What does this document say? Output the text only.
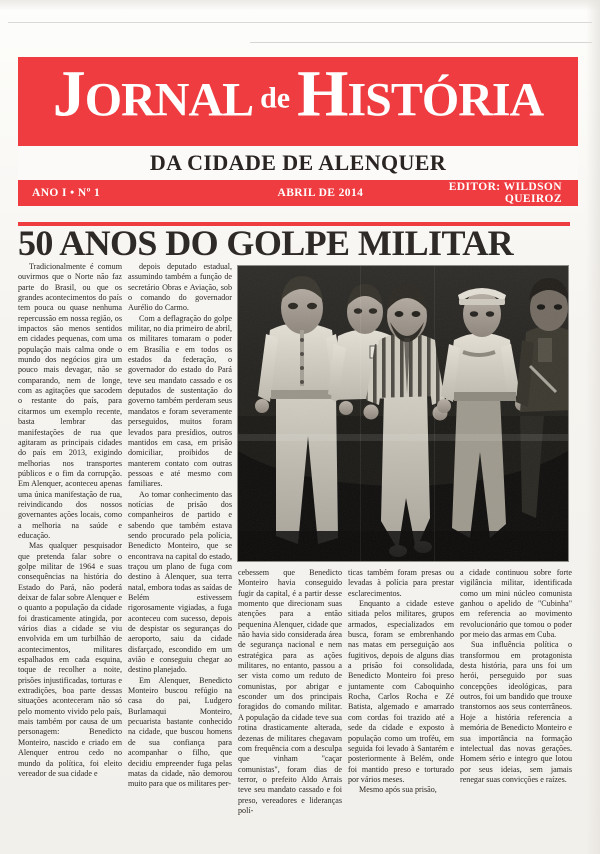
JORNAL de HISTÓRIA
DA CIDADE DE ALENQUER
ANO I • Nº 1	ABRIL DE 2014	EDITOR: WILDSON QUEIROZ
50 ANOS DO GOLPE MILITAR

Tradicionalmente é comum ouvirmos que o Norte não faz parte do Brasil, ou que os grandes acontecimentos do país tem pouca ou quase nenhuma repercussão em nossa região, os impactos são menos sentidos em cidades pequenas, com uma população mais calma onde o mundo dos negócios gira um pouco mais devagar, não se comparando, nem de longe, com as agitações que sacodem o restante do país, para citarmos um exemplo recente, basta lembrar das manifestações de rua que agitaram as principais cidades do país em 2013, exigindo melhorias nos transportes públicos e o fim da corrupção. Em Alenquer, aconteceu apenas uma única manifestação de rua, reivindicando dos nossos governantes ações locais, como a melhoria na saúde e educação.

Mas qualquer pesquisador que pretenda falar sobre o golpe militar de 1964 e suas consequências na história do Estado do Pará, não poderá deixar de falar sobre Alenquer e o quanto a população da cidade foi drasticamente atingida, por vários dias a cidade se viu envolvida em um turbilhão de acontecimentos, militares espalhados em cada esquina, toque de recolher a noite, prisões injustificadas, torturas e extradições, boa parte dessas situações aconteceram não só pelo momento vivido pelo país, mais também por causa de um personagem: Benedicto Monteiro, nascido e criado em Alenquer entrou cedo no mundo da política, foi eleito vereador de sua cidade e

depois deputado estadual, assumindo também a função de secretário Obras e Aviação, sob o comando do governador Aurélio do Carmo.

Com a deflagração do golpe militar, no dia primeiro de abril, os militares tomaram o poder em Brasília e em todos os estados da federação, o governador do estado do Pará teve seu mandato cassado e os deputados de sustentação do governo também perderam seus mandatos e foram severamente perseguidos, muitos foram levados para presídios, outros mantidos em casa, em prisão domiciliar, proibidos de manterem contato com outras pessoas e até mesmo com familiares.

Ao tomar conhecimento das notícias de prisão dos companheiros de partido e sabendo que também estava sendo procurado pela polícia, Benedicto Monteiro, que se encontrava na capital do estado, traçou um plano de fuga com destino à Alenquer, sua terra natal, embora todas as saídas de Belém estivessem rigorosamente vigiadas, a fuga aconteceu com sucesso, depois de despistar os seguranças do aeroporto, saiu da cidade disfarçado, escondido em um avião e conseguiu chegar ao destino planejado.

Em Alenquer, Benedicto Monteiro buscou refúgio na casa do pai, Ludgero Burlamaqui Monteiro, pecuarista bastante conhecido na cidade, que buscou homens de sua confiança para acompanhar o filho, que decidiu empreender fuga pelas matas da cidade, não demorou muito para que os militares per-

cebessem que Benedicto Monteiro havia conseguido fugir da capital, é a partir desse momento que direcionam suas atenções para a então pequenina Alenquer, cidade que não havia sido considerada área de segurança nacional e nem estratégica para as ações militares, no entanto, passou a ser vista como um reduto de comunistas, por abrigar e esconder um dos principais foragidos do comando militar. A população da cidade teve sua rotina drasticamente alterada, dezenas de militares chegavam com frequência com a desculpa que vinham "caçar comunistas", foram dias de terror, o prefeito Aldo Arrais teve seu mandato cassado e foi preso, vereadores e lideranças polí-

ticas também foram presas ou levadas à polícia para prestar esclarecimentos.

Enquanto a cidade esteve sitiada pelos militares, grupos armados, especializados em busca, foram se embrenhando nas matas em perseguição aos fugitivos, depois de alguns dias a prisão foi consolidada, Benedicto Monteiro foi preso juntamente com Caboquinho Rocha, Carlos Rocha e Zé Batista, algemado e amarrado com cordas foi trazido até a sede da cidade e exposto à população como um troféu, em seguida foi levado à Santarém e posteriormente à Belém, onde foi mantido preso e torturado por vários meses.

Mesmo após sua prisão,

a cidade continuou sobre forte vigilância militar, identificada como um mini núcleo comunista ganhou o apelido de "Cubinha" em referencia ao movimento revolucionário que tomou o poder por meio das armas em Cuba.

Sua influência política o transformou em protagonista desta história, para uns foi um herói, perseguido por suas concepções ideológicas, para outros, foi um bandido que trouxe transtornos aos seus conterrâneos. Hoje a história referencia a memória de Benedicto Monteiro e sua importância na formação intelectual das novas gerações. Homem sério e integro que lotou por seus ideias, sem jamais renegar suas convicções e raízes.
